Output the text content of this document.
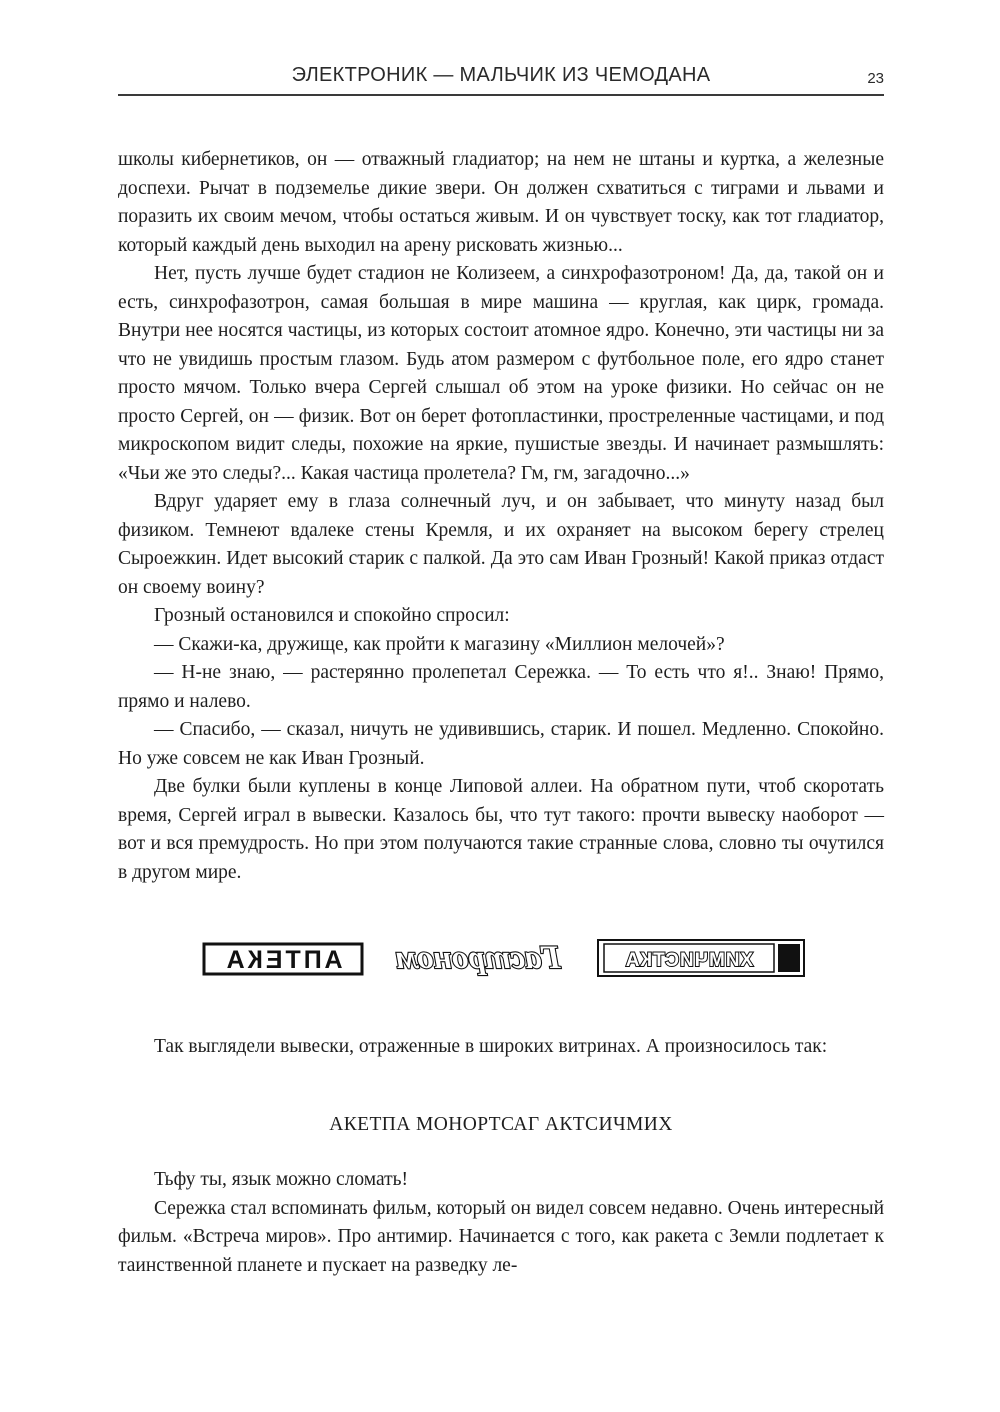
ЭЛЕКТРОНИК — МАЛЬЧИК ИЗ ЧЕМОДАНА	23

школы кибернетиков, он — отважный гладиатор; на нем не штаны и куртка, а железные доспехи. Рычат в подземелье дикие звери. Он должен схватиться с тиграми и львами и поразить их своим мечом, чтобы остаться живым. И он чувствует тоску, как тот гладиатор, который каждый день выходил на арену рисковать жизнью...

Нет, пусть лучше будет стадион не Колизеем, а синхрофазотроном! Да, да, такой он и есть, синхрофазотрон, самая большая в мире машина — круглая, как цирк, громада. Внутри нее носятся частицы, из которых состоит атомное ядро. Конечно, эти частицы ни за что не увидишь простым глазом. Будь атом размером с футбольное поле, его ядро станет просто мячом. Только вчера Сергей слышал об этом на уроке физики. Но сейчас он не просто Сергей, он — физик. Вот он берет фотопластинки, простреленные частицами, и под микроскопом видит следы, похожие на яркие, пушистые звезды. И начинает размышлять: «Чьи же это следы?... Какая частица пролетела? Гм, гм, загадочно...»

Вдруг ударяет ему в глаза солнечный луч, и он забывает, что минуту назад был физиком. Темнеют вдалеке стены Кремля, и их охраняет на высоком берегу стрелец Сыроежкин. Идет высокий старик с палкой. Да это сам Иван Грозный! Какой приказ отдаст он своему воину?

Грозный остановился и спокойно спросил:

— Скажи-ка, дружище, как пройти к магазину «Миллион мелочей»?

— Н-не знаю, — растерянно пролепетал Сережка. — То есть что я!.. Знаю! Прямо, прямо и налево.

— Спасибо, — сказал, ничуть не удивившись, старик. И пошел. Медленно. Спокойно. Но уже совсем не как Иван Грозный.

Две булки были куплены в конце Липовой аллеи. На обратном пути, чтоб скоротать время, Сергей играл в вывески. Казалось бы, что тут такого: прочти вывеску наоборот — вот и вся премудрость. Но при этом получаются такие странные слова, словно ты очутился в другом мире.

АПТЕКА Гастроном	ХИМЧИСТКА

Так выглядели вывески, отраженные в широких витринах. А произносилось так:

АКЕТПА МОНОРТСАГ АКТСИЧМИХ

Тьфу ты, язык можно сломать!

Сережка стал вспоминать фильм, который он видел совсем недавно. Очень интересный фильм. «Встреча миров». Про антимир. Начинается с того, как ракета с Земли подлетает к таинственной планете и пускает на разведку ле-
